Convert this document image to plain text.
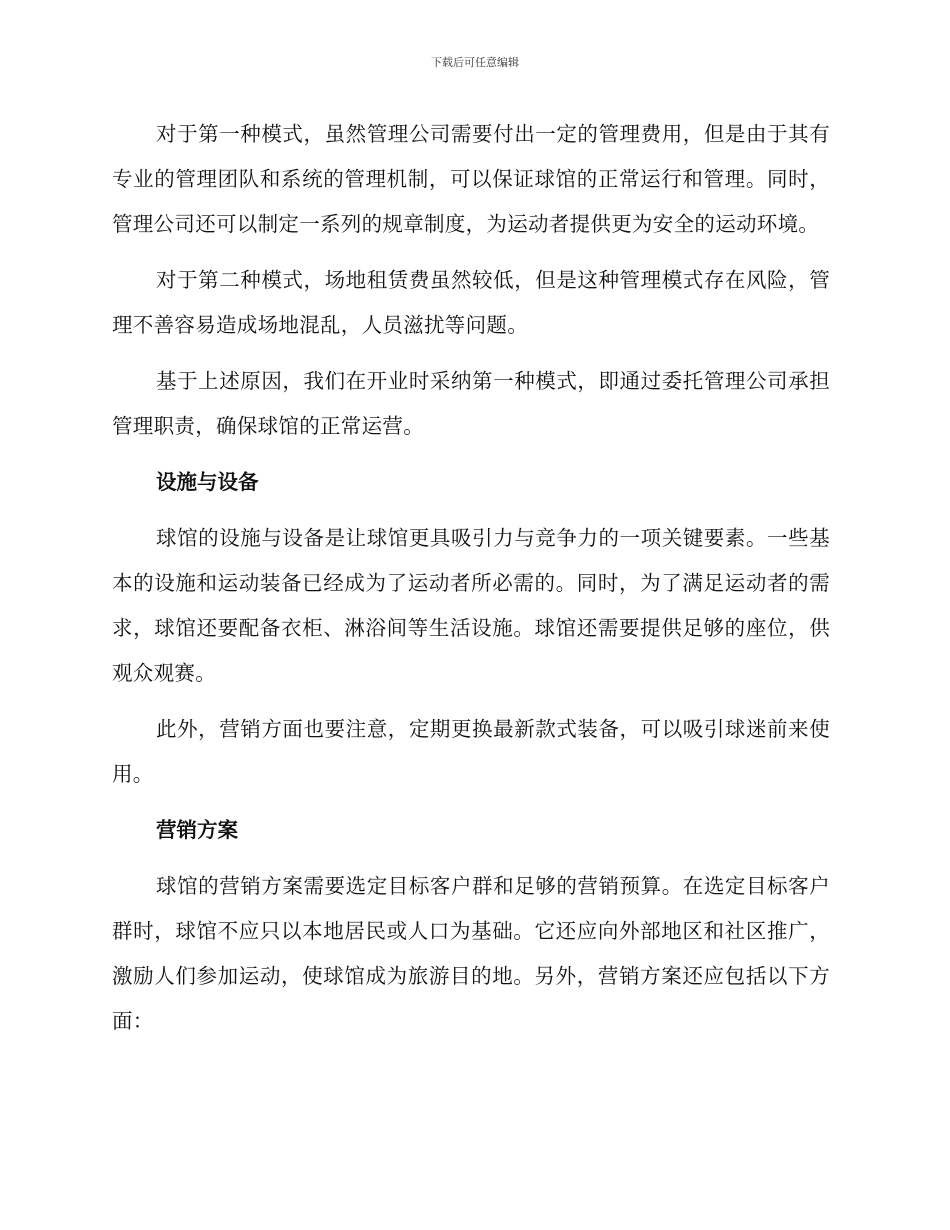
下载后可任意编辑

对于第一种模式，虽然管理公司需要付出一定的管理费用，但是由于其有专业的管理团队和系统的管理机制，可以保证球馆的正常运行和管理。同时，管理公司还可以制定一系列的规章制度，为运动者提供更为安全的运动环境。

对于第二种模式，场地租赁费虽然较低，但是这种管理模式存在风险，管理不善容易造成场地混乱，人员滋扰等问题。

基于上述原因，我们在开业时采纳第一种模式，即通过委托管理公司承担管理职责，确保球馆的正常运营。

设施与设备

球馆的设施与设备是让球馆更具吸引力与竞争力的一项关键要素。一些基本的设施和运动装备已经成为了运动者所必需的。同时，为了满足运动者的需求，球馆还要配备衣柜、淋浴间等生活设施。球馆还需要提供足够的座位，供观众观赛。

此外，营销方面也要注意，定期更换最新款式装备，可以吸引球迷前来使用。

营销方案

球馆的营销方案需要选定目标客户群和足够的营销预算。在选定目标客户群时，球馆不应只以本地居民或人口为基础。它还应向外部地区和社区推广，激励人们参加运动，使球馆成为旅游目的地。另外，营销方案还应包括以下方面：
